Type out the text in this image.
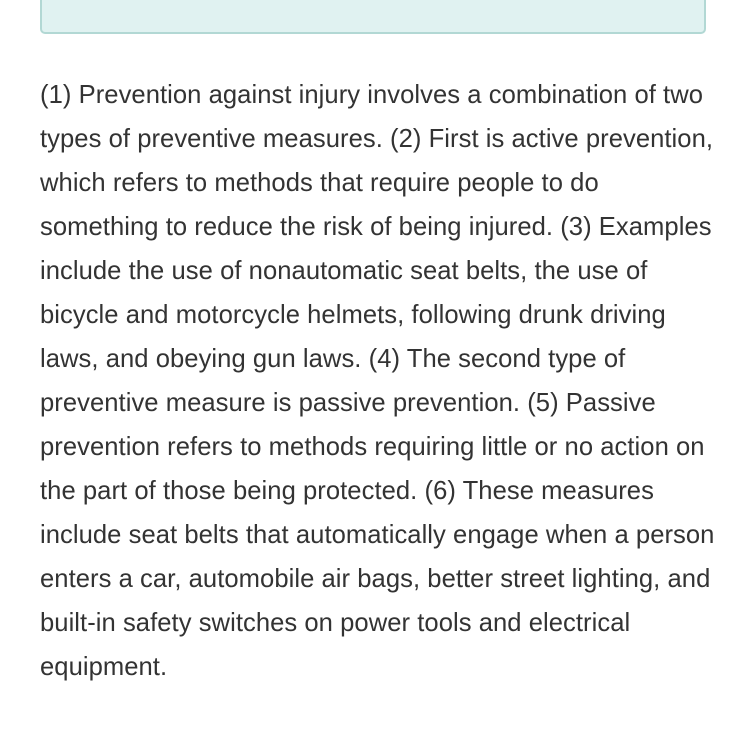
(1) Prevention against injury involves a combination of two types of preventive measures. (2) First is active prevention, which refers to methods that require people to do something to reduce the risk of being injured. (3) Examples include the use of nonautomatic seat belts, the use of bicycle and motorcycle helmets, following drunk driving laws, and obeying gun laws. (4) The second type of preventive measure is passive prevention. (5) Passive prevention refers to methods requiring little or no action on the part of those being protected. (6) These measures include seat belts that automatically engage when a person enters a car, automobile air bags, better street lighting, and built-in safety switches on power tools and electrical equipment.
